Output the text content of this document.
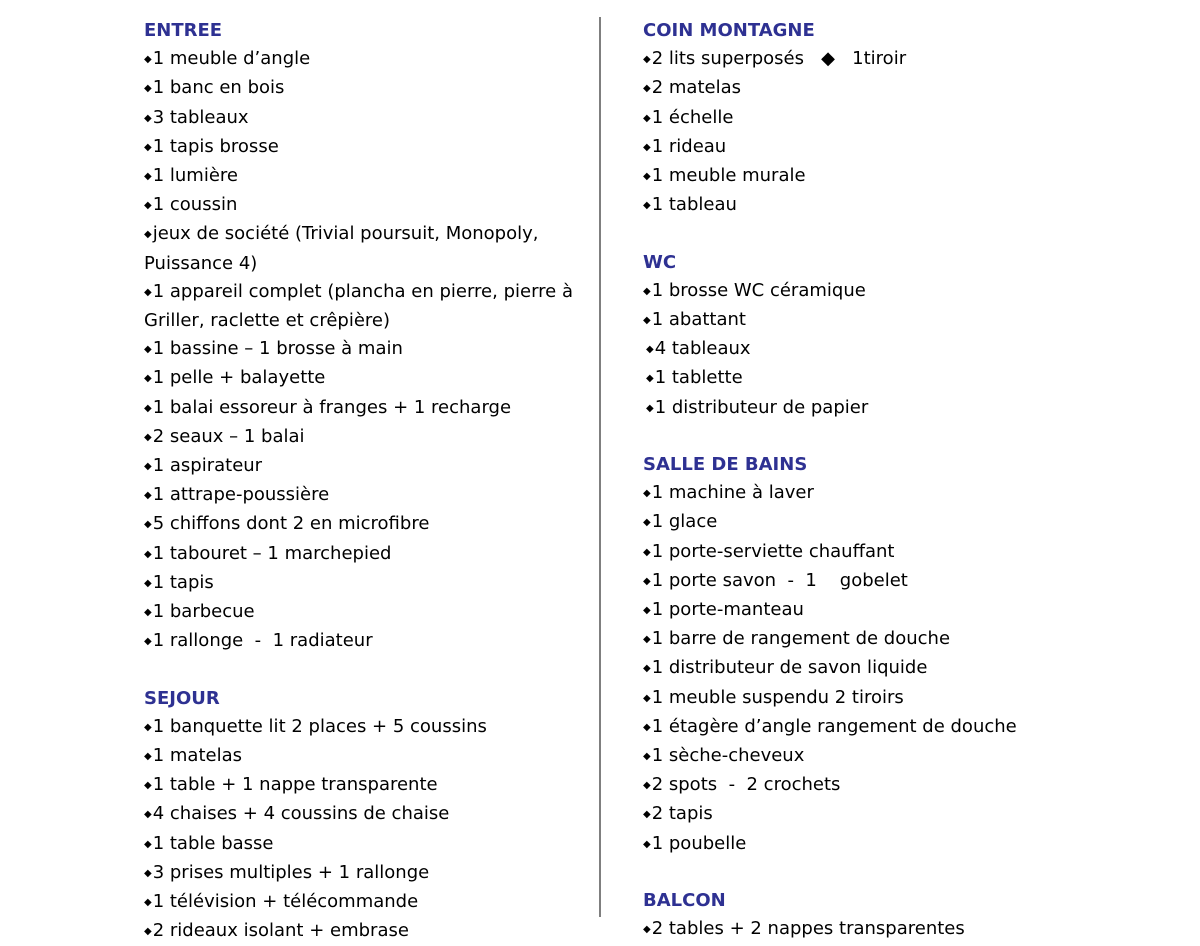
ENTREE
◆1 meuble d’angle
◆1 banc en bois
◆3 tableaux
◆1 tapis brosse
◆1 lumière
◆1 coussin
◆jeux de société (Trivial poursuit, Monopoly, Puissance 4)
◆1 appareil complet (plancha en pierre, pierre à Griller, raclette et crêpière)
◆1 bassine – 1 brosse à main
◆1 pelle + balayette
◆1 balai essoreur à franges + 1 recharge
◆2 seaux – 1 balai
◆1 aspirateur
◆1 attrape-poussière
◆5 chiffons dont 2 en microfibre
◆1 tabouret – 1 marchepied
◆1 tapis
◆1 barbecue
◆1 rallonge  -  1 radiateur
SEJOUR
◆1 banquette lit 2 places + 5 coussins
◆1 matelas
◆1 table + 1 nappe transparente
◆4 chaises + 4 coussins de chaise
◆1 table basse
◆3 prises multiples + 1 rallonge
◆1 télévision + télécommande
◆2 rideaux isolant + embrase
COIN MONTAGNE
◆2 lits superposés   ◆   1tiroir
◆2 matelas
◆1 échelle
◆1 rideau
◆1 meuble murale
◆1 tableau
WC
◆1 brosse WC céramique
◆1 abattant
◆4 tableaux
◆1 tablette
◆1 distributeur de papier
SALLE DE BAINS
◆1 machine à laver
◆1 glace
◆1 porte-serviette chauffant
◆1 porte savon  -  1    gobelet
◆1 porte-manteau
◆1 barre de rangement de douche
◆1 distributeur de savon liquide
◆1 meuble suspendu 2 tiroirs
◆1 étagère d’angle rangement de douche
◆1 sèche-cheveux
◆2 spots  -  2 crochets
◆2 tapis
◆1 poubelle
BALCON
◆2 tables + 2 nappes transparentes
